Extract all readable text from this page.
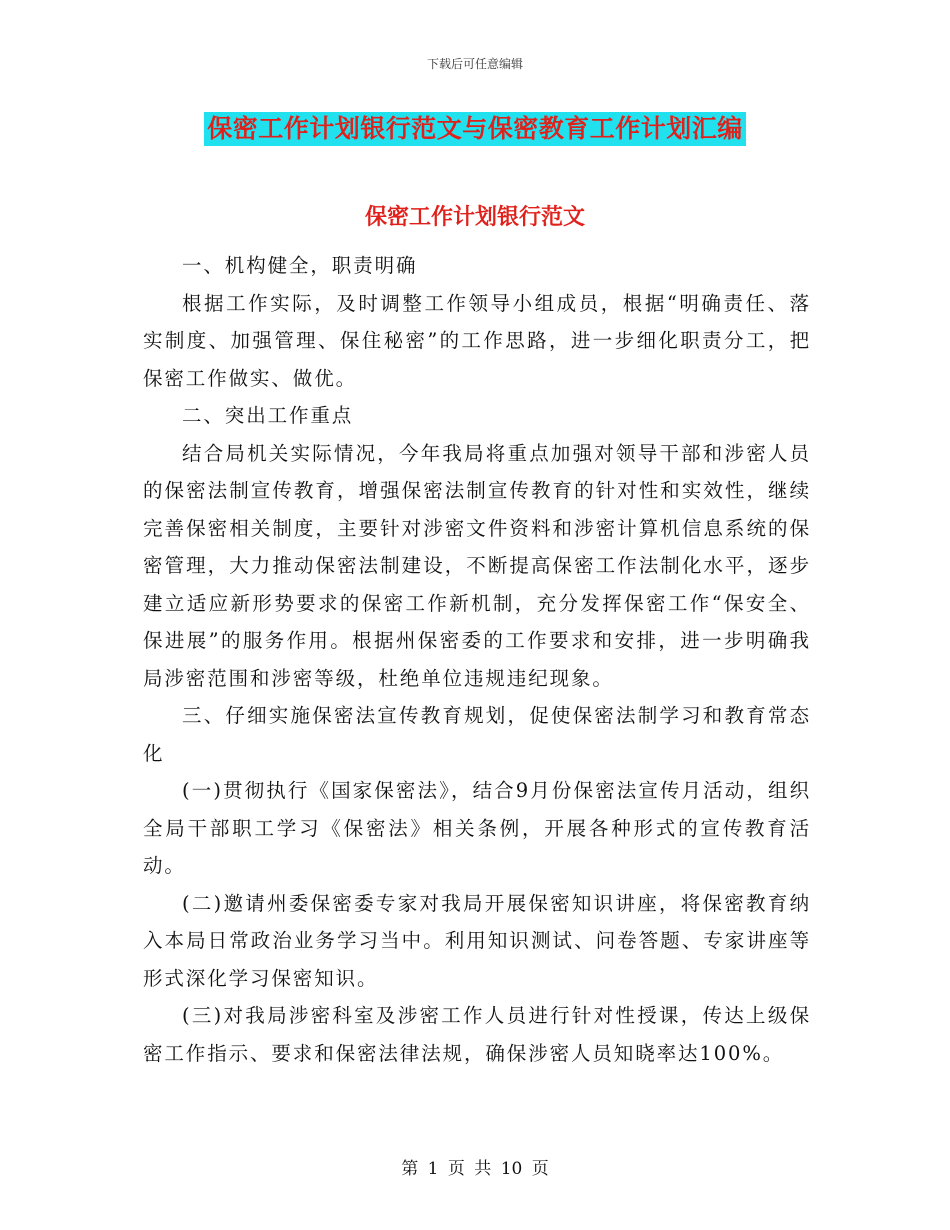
下载后可任意编辑
保密工作计划银行范文与保密教育工作计划汇编
保密工作计划银行范文

一、机构健全，职责明确

根据工作实际，及时调整工作领导小组成员，根据“明确责任、落实制度、加强管理、保住秘密”的工作思路，进一步细化职责分工，把保密工作做实、做优。

二、突出工作重点

结合局机关实际情况，今年我局将重点加强对领导干部和涉密人员的保密法制宣传教育，增强保密法制宣传教育的针对性和实效性，继续完善保密相关制度，主要针对涉密文件资料和涉密计算机信息系统的保密管理，大力推动保密法制建设，不断提高保密工作法制化水平，逐步建立适应新形势要求的保密工作新机制，充分发挥保密工作“保安全、保进展”的服务作用。根据州保密委的工作要求和安排，进一步明确我局涉密范围和涉密等级，杜绝单位违规违纪现象。

三、仔细实施保密法宣传教育规划，促使保密法制学习和教育常态化

(一)贯彻执行《国家保密法》，结合9月份保密法宣传月活动，组织全局干部职工学习《保密法》相关条例，开展各种形式的宣传教育活动。

(二)邀请州委保密委专家对我局开展保密知识讲座，将保密教育纳入本局日常政治业务学习当中。利用知识测试、问卷答题、专家讲座等形式深化学习保密知识。

(三)对我局涉密科室及涉密工作人员进行针对性授课，传达上级保密工作指示、要求和保密法律法规，确保涉密人员知晓率达100%。

第 1 页 共 10 页
